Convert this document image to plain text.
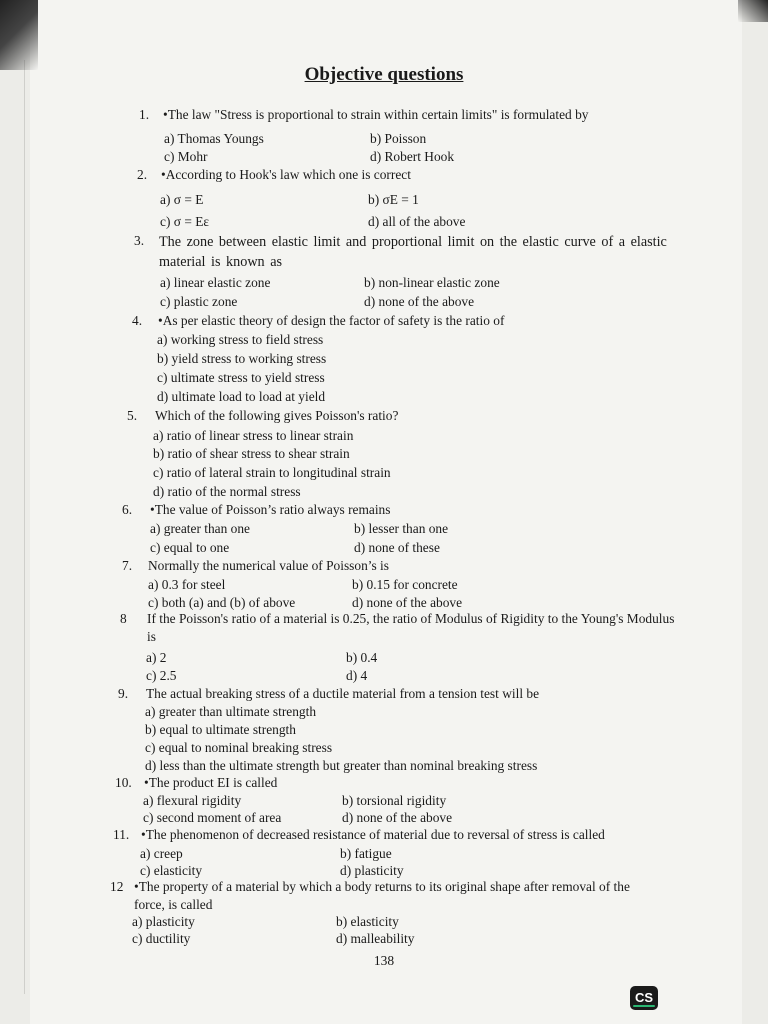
Objective questions
1. •The law "Stress is proportional to strain within certain limits" is formulated by
a) Thomas Youngs	b) Poisson
c) Mohr	d) Robert Hook
2. •According to Hook's law which one is correct
a) σ = E	b) σE = 1
c) σ = Eε	d) all of the above
3. The zone between elastic limit and proportional limit on the elastic curve of a elastic material is known as
a) linear elastic zone	b) non-linear elastic zone
c) plastic zone	d) none of the above
4. •As per elastic theory of design the factor of safety is the ratio of
a) working stress to field stress
b) yield stress to working stress
c) ultimate stress to yield stress
d) ultimate load to load at yield
5. Which of the following gives Poisson's ratio?
a) ratio of linear stress to linear strain
b) ratio of shear stress to shear strain
c) ratio of lateral strain to longitudinal strain
d) ratio of the normal stress
6. •The value of Poisson’s ratio always remains
a) greater than one	b) lesser than one
c) equal to one	d) none of these
7. Normally the numerical value of Poisson’s is
a) 0.3 for steel	b) 0.15 for concrete
c) both (a) and (b) of above	d) none of the above
8 If the Poisson's ratio of a material is 0.25, the ratio of Modulus of Rigidity to the Young's Modulus is
a) 2	b) 0.4
c) 2.5	d) 4
9. The actual breaking stress of a ductile material from a tension test will be
a) greater than ultimate strength
b) equal to ultimate strength
c) equal to nominal breaking stress
d) less than the ultimate strength but greater than nominal breaking stress
10. •The product EI is called
a) flexural rigidity	b) torsional rigidity
c) second moment of area	d) none of the above
11. •The phenomenon of decreased resistance of material due to reversal of stress is called
a) creep	b) fatigue
c) elasticity	d) plasticity
12 •The property of a material by which a body returns to its original shape after removal of the force, is called
a) plasticity	b) elasticity
c) ductility	d) malleability
138
CS
